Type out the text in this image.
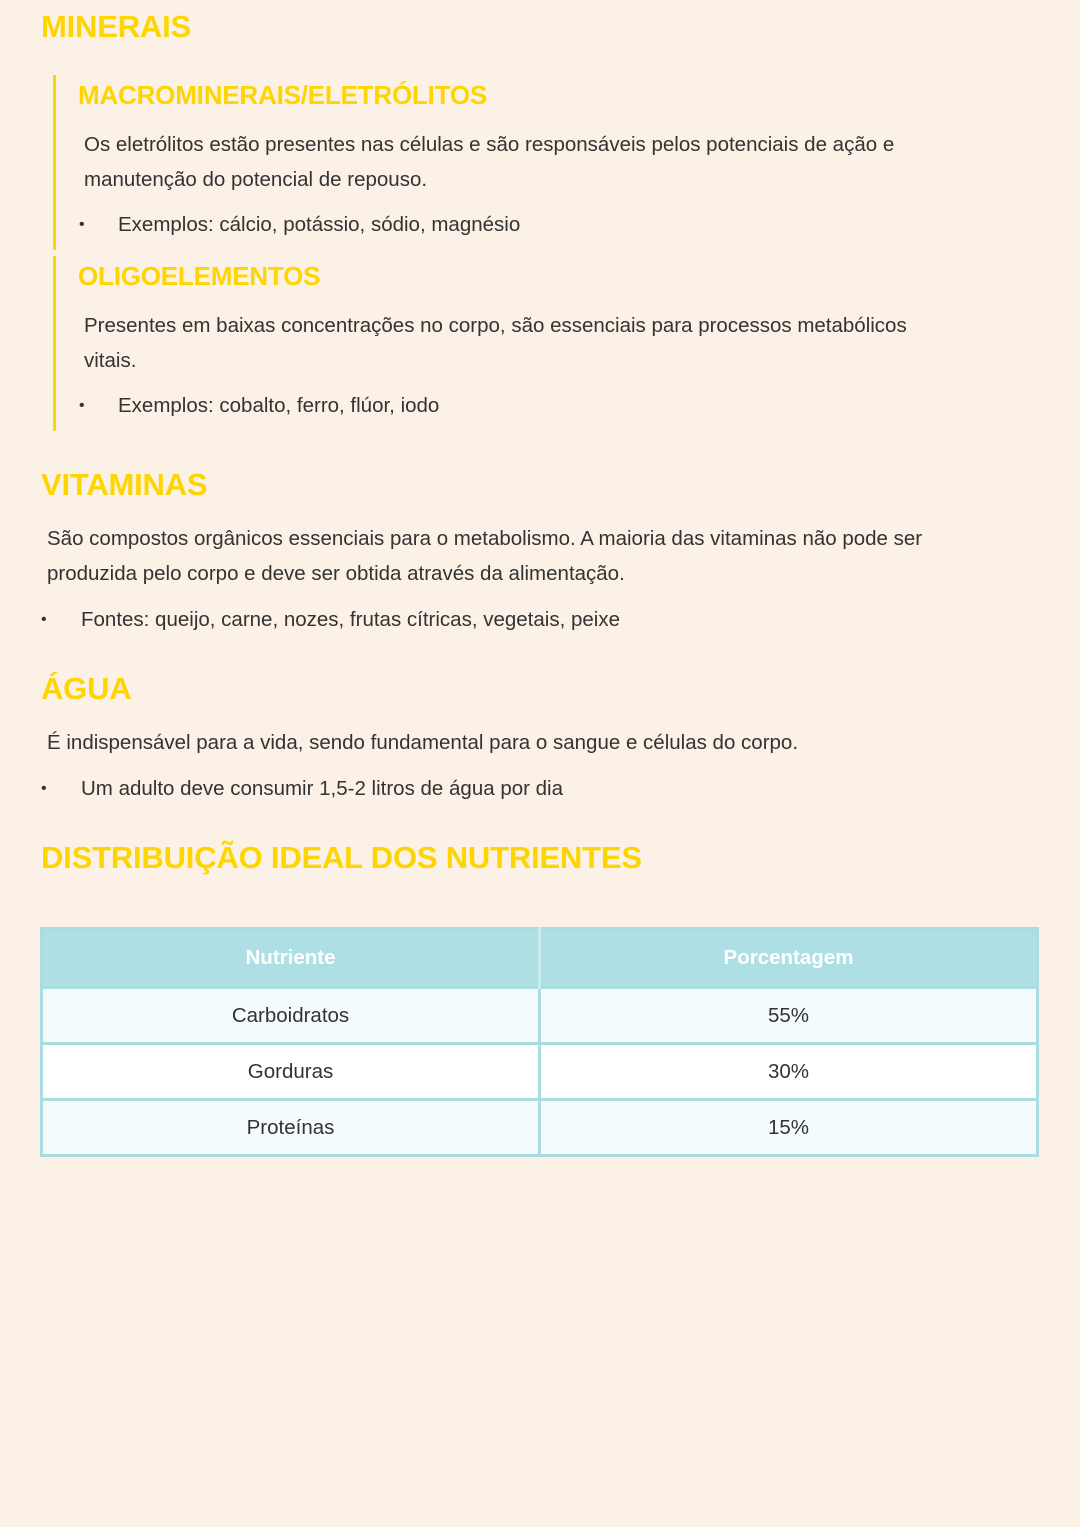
MINERAIS
MACROMINERAIS/ELETRÓLITOS

Os eletrólitos estão presentes nas células e são responsáveis pelos potenciais de ação e
manutenção do potencial de repouso.

•	Exemplos: cálcio, potássio, sódio, magnésio
OLIGOELEMENTOS

Presentes em baixas concentrações no corpo, são essenciais para processos metabólicos
vitais.

•	Exemplos: cobalto, ferro, flúor, iodo
VITAMINAS

São compostos orgânicos essenciais para o metabolismo. A maioria das vitaminas não pode ser
produzida pelo corpo e deve ser obtida através da alimentação.

•	Fontes: queijo, carne, nozes, frutas cítricas, vegetais, peixe
ÁGUA

É indispensável para a vida, sendo fundamental para o sangue e células do corpo.

•	Um adulto deve consumir 1,5-2 litros de água por dia
DISTRIBUIÇÃO IDEAL DOS NUTRIENTES
Nutriente	Porcentagem
Carboidratos	55%
Gorduras	30%
Proteínas	15%
